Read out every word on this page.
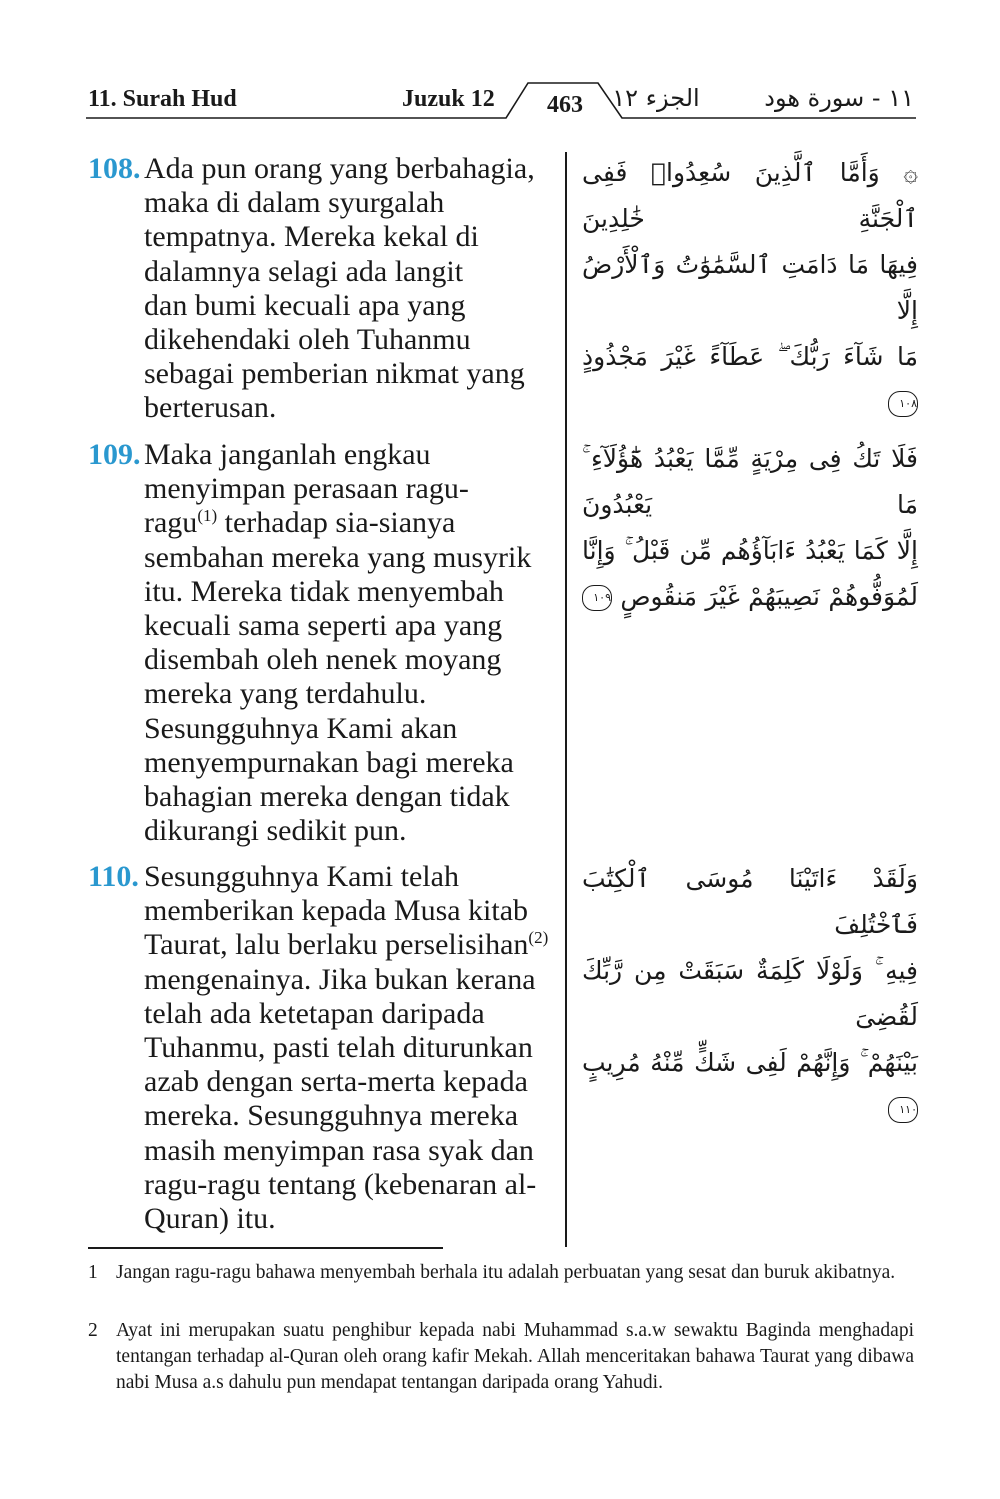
11. Surah Hud	Juzuk 12	463	الجزء ١٢	١١ - سورة هود
108. Ada pun orang yang berbahagia,
maka di dalam syurgalah
tempatnya. Mereka kekal di
dalamnya selagi ada langit
dan bumi kecuali apa yang
dikehendaki oleh Tuhanmu
sebagai pemberian nikmat yang
berterusan.
۞ وَأَمَّا ٱلَّذِينَ سُعِدُوا۟ فَفِى ٱلْجَنَّةِ خَٰلِدِينَ
فِيهَا مَا دَامَتِ ٱلسَّمَٰوَٰتُ وَٱلْأَرْضُ إِلَّا
مَا شَآءَ رَبُّكَ ۖ عَطَآءً غَيْرَ مَجْذُوذٍ ١٠٨
109. Maka janganlah engkau
menyimpan perasaan ragu-
ragu$^{(1)}$ terhadap sia-sianya
sembahan mereka yang musyrik
itu. Mereka tidak menyembah
kecuali sama seperti apa yang
disembah oleh nenek moyang
mereka yang terdahulu.
Sesungguhnya Kami akan
menyempurnakan bagi mereka
bahagian mereka dengan tidak
dikurangi sedikit pun.
فَلَا تَكُ فِى مِرْيَةٍ مِّمَّا يَعْبُدُ هَٰٓؤُلَآءِ ۚ مَا يَعْبُدُونَ
إِلَّا كَمَا يَعْبُدُ ءَابَآؤُهُم مِّن قَبْلُ ۚ وَإِنَّا
لَمُوَفُّوهُمْ نَصِيبَهُمْ غَيْرَ مَنقُوصٍ ١٠٩
110. Sesungguhnya Kami telah
memberikan kepada Musa kitab
Taurat, lalu berlaku perselisihan$^{(2)}$
mengenainya. Jika bukan kerana
telah ada ketetapan daripada
Tuhanmu, pasti telah diturunkan
azab dengan serta-merta kepada
mereka. Sesungguhnya mereka
masih menyimpan rasa syak dan
ragu-ragu tentang (kebenaran al-
Quran) itu.
وَلَقَدْ ءَاتَيْنَا مُوسَى ٱلْكِتَٰبَ فَٱخْتُلِفَ
فِيهِ ۚ وَلَوْلَا كَلِمَةٌ سَبَقَتْ مِن رَّبِّكَ لَقُضِىَ
بَيْنَهُمْ ۚ وَإِنَّهُمْ لَفِى شَكٍّ مِّنْهُ مُرِيبٍ ١١٠
1 Jangan ragu-ragu bahawa menyembah berhala itu adalah perbuatan yang sesat dan buruk akibatnya.
2 Ayat ini merupakan suatu penghibur kepada nabi Muhammad s.a.w sewaktu Baginda menghadapi tentangan terhadap al-Quran oleh orang kafir Mekah. Allah menceritakan bahawa Taurat yang dibawa nabi Musa a.s dahulu pun mendapat tentangan daripada orang Yahudi.
